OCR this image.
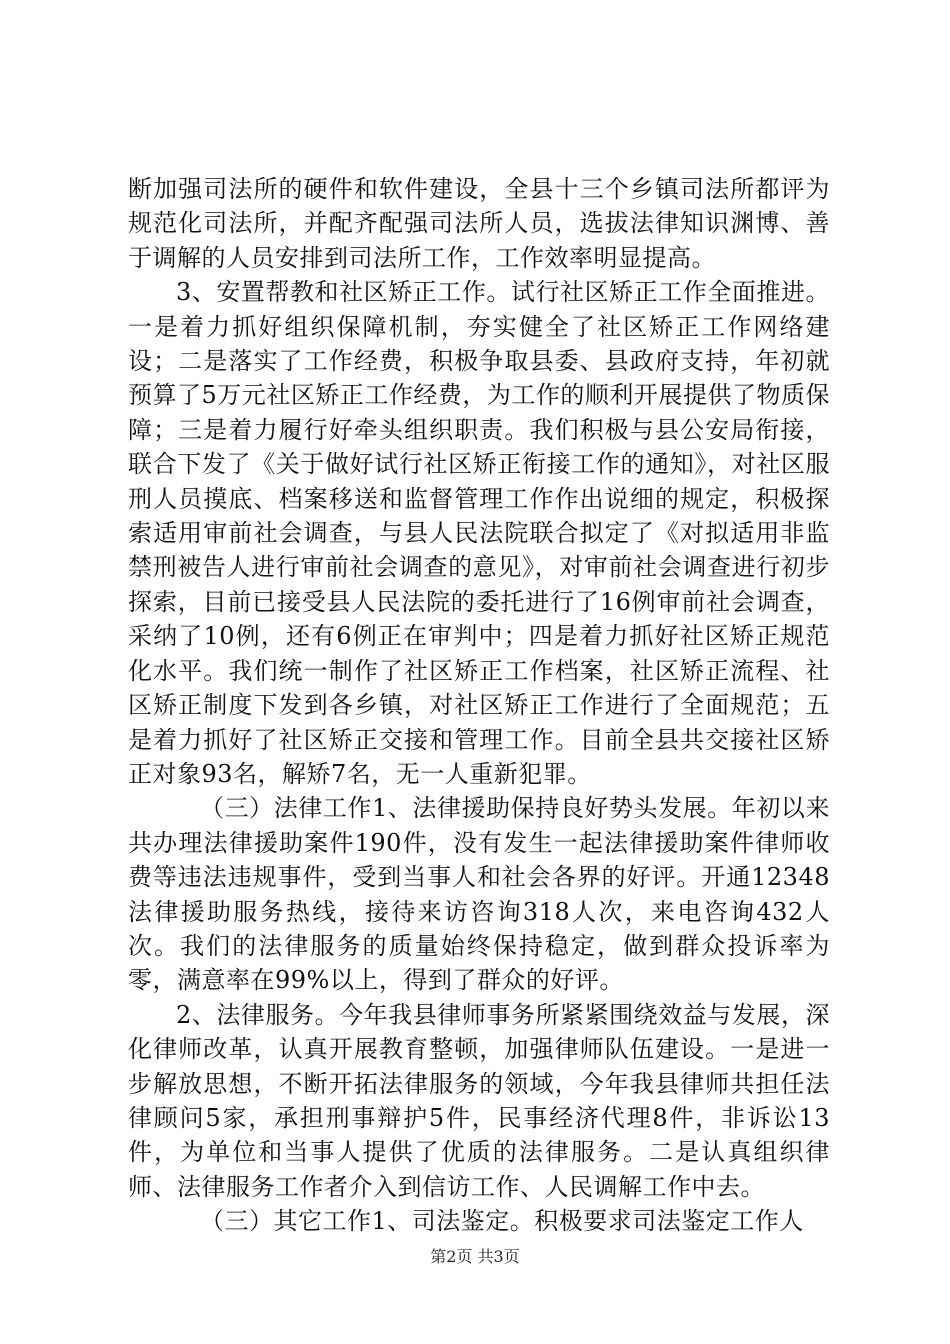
断加强司法所的硬件和软件建设，全县十三个乡镇司法所都评为规范化司法所，并配齐配强司法所人员，选拔法律知识渊博、善于调解的人员安排到司法所工作，工作效率明显提高。

3、安置帮教和社区矫正工作。试行社区矫正工作全面推进。一是着力抓好组织保障机制，夯实健全了社区矫正工作网络建设；二是落实了工作经费，积极争取县委、县政府支持，年初就预算了5万元社区矫正工作经费，为工作的顺利开展提供了物质保障；三是着力履行好牵头组织职责。我们积极与县公安局衔接，联合下发了《关于做好试行社区矫正衔接工作的通知》，对社区服刑人员摸底、档案移送和监督管理工作作出说细的规定，积极探索适用审前社会调查，与县人民法院联合拟定了《对拟适用非监禁刑被告人进行审前社会调查的意见》，对审前社会调查进行初步探索，目前已接受县人民法院的委托进行了16例审前社会调查，采纳了10例，还有6例正在审判中；四是着力抓好社区矫正规范化水平。我们统一制作了社区矫正工作档案，社区矫正流程、社区矫正制度下发到各乡镇，对社区矫正工作进行了全面规范；五是着力抓好了社区矫正交接和管理工作。目前全县共交接社区矫正对象93名，解矫7名，无一人重新犯罪。

（三）法律工作1、法律援助保持良好势头发展。年初以来共办理法律援助案件190件，没有发生一起法律援助案件律师收费等违法违规事件，受到当事人和社会各界的好评。开通12348法律援助服务热线，接待来访咨询318人次，来电咨询432人次。我们的法律服务的质量始终保持稳定，做到群众投诉率为零，满意率在99%以上，得到了群众的好评。

2、法律服务。今年我县律师事务所紧紧围绕效益与发展，深化律师改革，认真开展教育整顿，加强律师队伍建设。一是进一步解放思想，不断开拓法律服务的领域，今年我县律师共担任法律顾问5家，承担刑事辩护5件，民事经济代理8件，非诉讼13件，为单位和当事人提供了优质的法律服务。二是认真组织律师、法律服务工作者介入到信访工作、人民调解工作中去。

（三）其它工作1、司法鉴定。积极要求司法鉴定工作人

第2页 共3页
